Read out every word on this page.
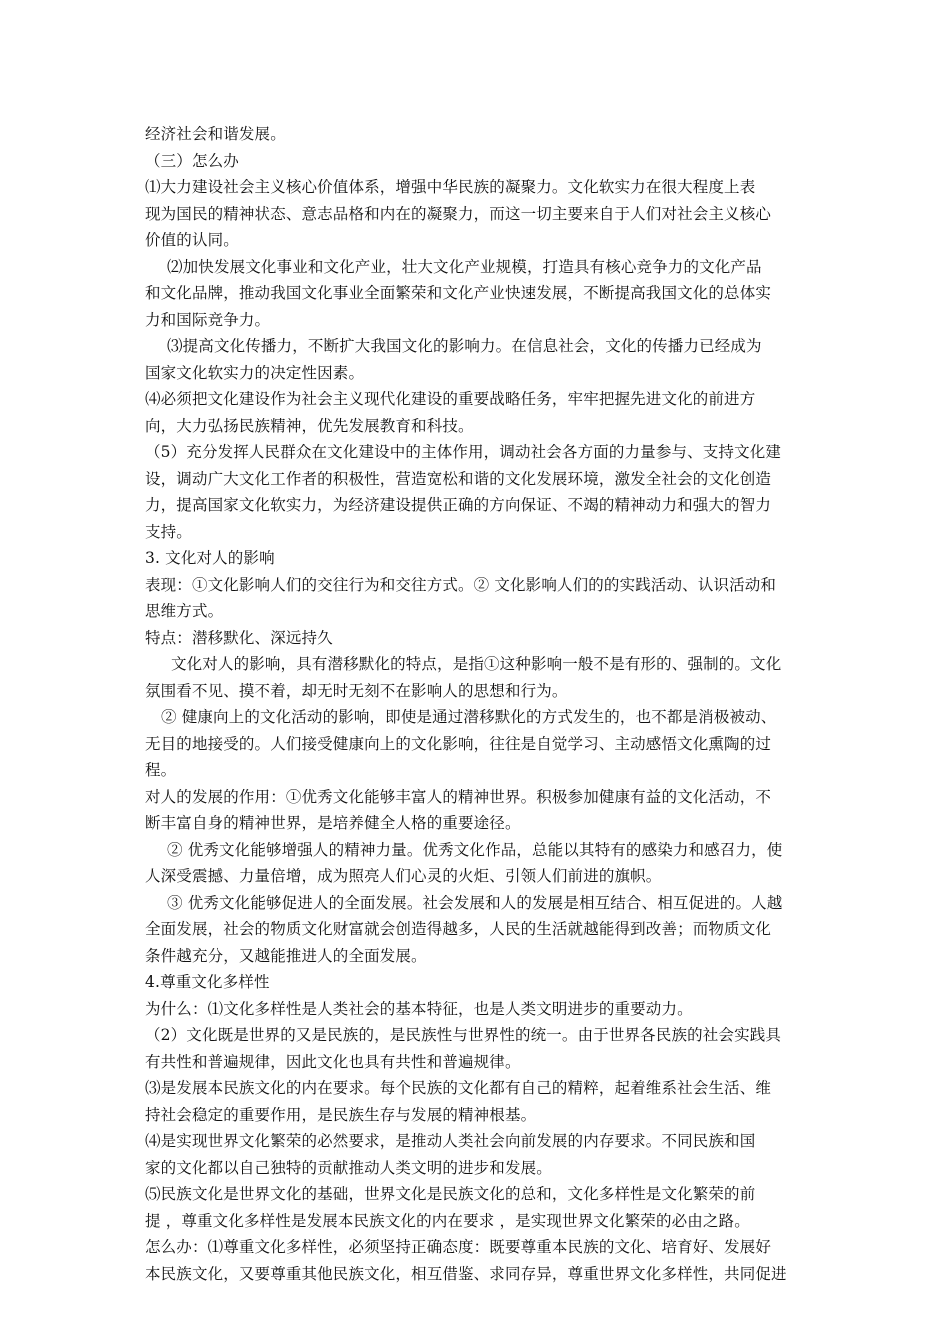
经济社会和谐发展。
（三）怎么办
⑴大力建设社会主义核心价值体系，增强中华民族的凝聚力。文化软实力在很大程度上表
现为国民的精神状态、意志品格和内在的凝聚力，而这一切主要来自于人们对社会主义核心
价值的认同。
⑵加快发展文化事业和文化产业，壮大文化产业规模，打造具有核心竞争力的文化产品
和文化品牌，推动我国文化事业全面繁荣和文化产业快速发展，不断提高我国文化的总体实
力和国际竞争力。
⑶提高文化传播力，不断扩大我国文化的影响力。在信息社会，文化的传播力已经成为
国家文化软实力的决定性因素。
⑷必须把文化建设作为社会主义现代化建设的重要战略任务，牢牢把握先进文化的前进方
向，大力弘扬民族精神，优先发展教育和科技。
（5）充分发挥人民群众在文化建设中的主体作用，调动社会各方面的力量参与、支持文化建
设，调动广大文化工作者的积极性，营造宽松和谐的文化发展环境，激发全社会的文化创造
力，提高国家文化软实力，为经济建设提供正确的方向保证、不竭的精神动力和强大的智力
支持。
3. 文化对人的影响
表现：①文化影响人们的交往行为和交往方式。② 文化影响人们的的实践活动、认识活动和
思维方式。
特点：潜移默化、深远持久
文化对人的影响，具有潜移默化的特点，是指①这种影响一般不是有形的、强制的。文化
氛围看不见、摸不着，却无时无刻不在影响人的思想和行为。
② 健康向上的文化活动的影响，即使是通过潜移默化的方式发生的，也不都是消极被动、
无目的地接受的。人们接受健康向上的文化影响，往往是自觉学习、主动感悟文化熏陶的过
程。
对人的发展的作用：①优秀文化能够丰富人的精神世界。积极参加健康有益的文化活动，不
断丰富自身的精神世界，是培养健全人格的重要途径。
② 优秀文化能够增强人的精神力量。优秀文化作品，总能以其特有的感染力和感召力，使
人深受震撼、力量倍增，成为照亮人们心灵的火炬、引领人们前进的旗帜。
③ 优秀文化能够促进人的全面发展。社会发展和人的发展是相互结合、相互促进的。人越
全面发展，社会的物质文化财富就会创造得越多，人民的生活就越能得到改善；而物质文化
条件越充分，又越能推进人的全面发展。
4.尊重文化多样性
为什么：⑴文化多样性是人类社会的基本特征，也是人类文明进步的重要动力。
（2）文化既是世界的又是民族的，是民族性与世界性的统一。由于世界各民族的社会实践具
有共性和普遍规律，因此文化也具有共性和普遍规律。
⑶是发展本民族文化的内在要求。每个民族的文化都有自己的精粹，起着维系社会生活、维
持社会稳定的重要作用，是民族生存与发展的精神根基。
⑷是实现世界文化繁荣的必然要求，是推动人类社会向前发展的内存要求。不同民族和国
家的文化都以自己独特的贡献推动人类文明的进步和发展。
⑸民族文化是世界文化的基础，世界文化是民族文化的总和，文化多样性是文化繁荣的前
提 ，尊重文化多样性是发展本民族文化的内在要求 ，是实现世界文化繁荣的必由之路。
怎么办：⑴尊重文化多样性，必须坚持正确态度：既要尊重本民族的文化、培育好、发展好
本民族文化，又要尊重其他民族文化，相互借鉴、求同存异，尊重世界文化多样性，共同促进
